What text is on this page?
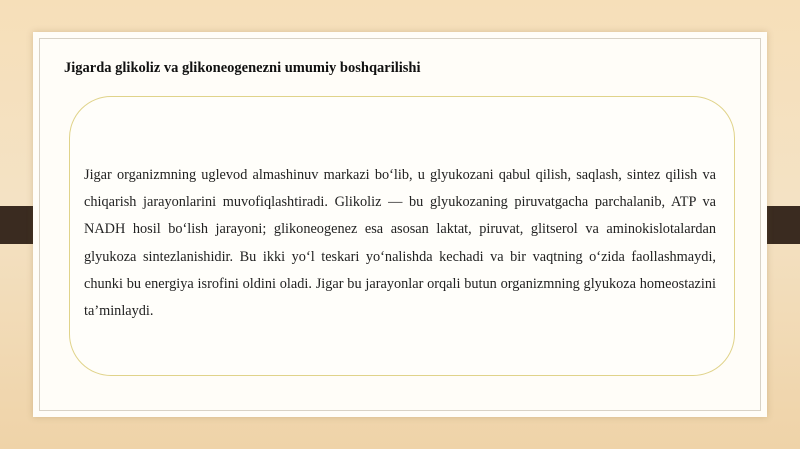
Jigarda glikoliz va glikoneogenezni umumiy boshqarilishi

Jigar organizmning uglevod almashinuv markazi bo‘lib, u glyukozani qabul qilish, saqlash, sintez qilish va chiqarish jarayonlarini muvofiqlashtiradi. Glikoliz — bu glyukozaning piruvatgacha parchalanib, ATP va NADH hosil bo‘lish jarayoni; glikoneogenez esa asosan laktat, piruvat, glitserol va aminokislotalardan glyukoza sintezlanishidir. Bu ikki yo‘l teskari yo‘nalishda kechadi va bir vaqtning o‘zida faollashmaydi, chunki bu energiya isrofini oldini oladi. Jigar bu jarayonlar orqali butun organizmning glyukoza homeostazini ta’minlaydi.
